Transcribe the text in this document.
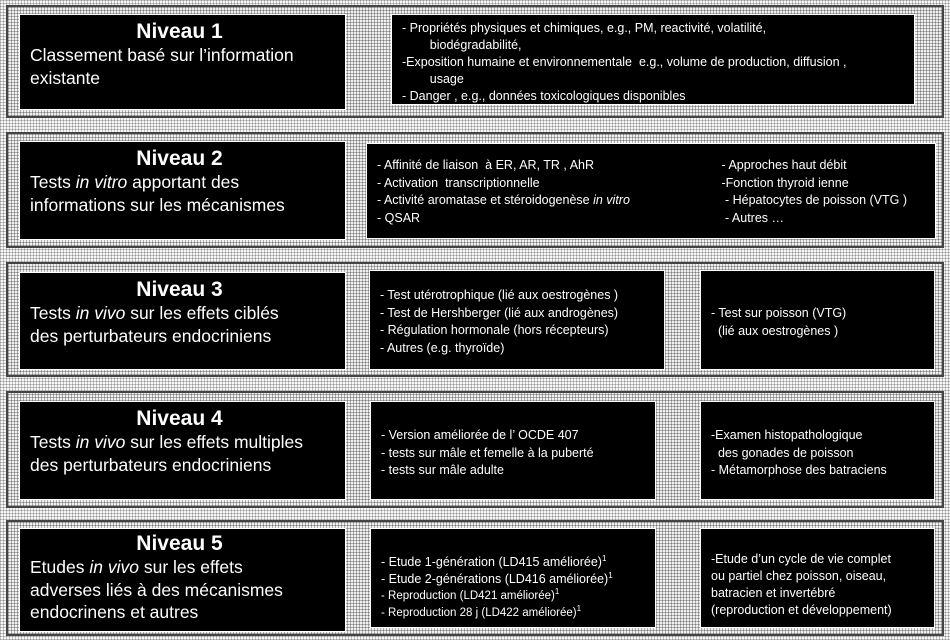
Niveau 1
Classement basé sur l’information
existante
- Propriétés physiques et chimiques, e.g., PM, reactivité, volatilité,
biodégradabilité,
-Exposition humaine et environnementale  e.g., volume de production, diffusion ,
usage
- Danger , e.g., données toxicologiques disponibles
Niveau 2
Tests in vitro apportant des
informations sur les mécanismes
- Affinité de liaison  à ER, AR, TR , AhR
- Activation  transcriptionnelle
- Activité aromatase et stéroidogenèse in vitro
- QSAR
- Approches haut débit
-Fonction thyroid ienne
- Hépatocytes de poisson (VTG )
- Autres …
Niveau 3
Tests in vivo sur les effets ciblés
des perturbateurs endocriniens
- Test utérotrophique (lié aux oestrogènes )
- Test de Hershberger (lié aux androgènes)
- Régulation hormonale (hors récepteurs)
- Autres (e.g. thyroïde)
- Test sur poisson (VTG)
(lié aux oestrogènes )
Niveau 4
Tests in vivo sur les effets multiples
des perturbateurs endocriniens
- Version améliorée de l’ OCDE 407
- tests sur mâle et femelle à la puberté
- tests sur mâle adulte
-Examen histopathologique
des gonades de poisson
- Métamorphose des batraciens
Niveau 5
Etudes in vivo sur les effets
adverses liés à des mécanismes
endocrinens et autres
- Etude 1-génération (LD415 améliorée)$^1$
- Etude 2-générations (LD416 améliorée)$^1$
- Reproduction (LD421 améliorée)$^1$
- Reproduction 28 j (LD422 améliorée)$^1$
-Etude d’un cycle de vie complet
ou partiel chez poisson, oiseau,
batracien et invertébré
(reproduction et développement)
